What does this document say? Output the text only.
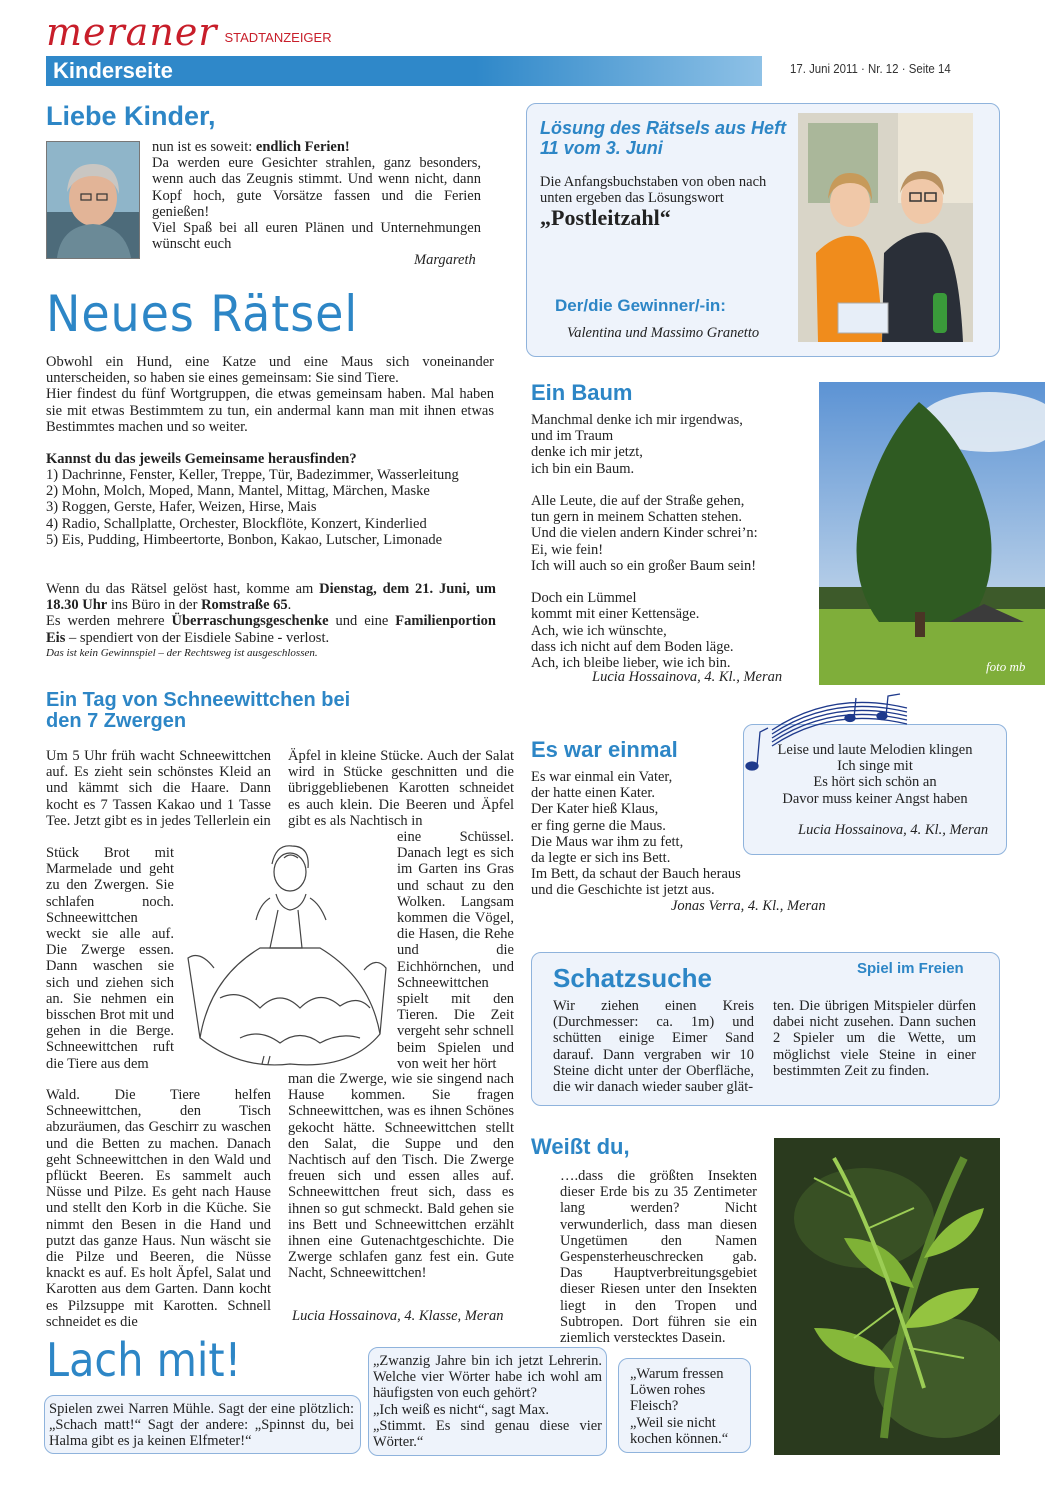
meraner STADTANZEIGER
Kinderseite	17. Juni 2011 · Nr. 12 · Seite 14
Liebe Kinder,
nun ist es soweit: endlich Ferien!
Da werden eure Gesichter strahlen, ganz besonders, wenn auch das Zeugnis stimmt. Und wenn nicht, dann Kopf hoch, gute Vorsätze fassen und die Ferien genießen!
Viel Spaß bei all euren Plänen und Unternehmungen wünscht euch
Margareth
Lösung des Rätsels aus Heft 11 vom 3. Juni
Die Anfangsbuchstaben von oben nach unten ergeben das Lösungswort
„Postleitzahl“
Der/die Gewinner/-in:
Valentina und Massimo Granetto
Neues Rätsel
Obwohl ein Hund, eine Katze und eine Maus sich voneinander unterscheiden, so haben sie eines gemeinsam: Sie sind Tiere.
Hier findest du fünf Wortgruppen, die etwas gemeinsam haben. Mal haben sie mit etwas Bestimmtem zu tun, ein andermal kann man mit ihnen etwas Bestimmtes machen und so weiter.
Kannst du das jeweils Gemeinsame herausfinden?
1) Dachrinne, Fenster, Keller, Treppe, Tür, Badezimmer, Wasserleitung
2) Mohn, Molch, Moped, Mann, Mantel, Mittag, Märchen, Maske
3) Roggen, Gerste, Hafer, Weizen, Hirse, Mais
4) Radio, Schallplatte, Orchester, Blockflöte, Konzert, Kinderlied
5) Eis, Pudding, Himbeertorte, Bonbon, Kakao, Lutscher, Limonade
Wenn du das Rätsel gelöst hast, komme am Dienstag, dem 21. Juni, um 18.30 Uhr ins Büro in der Romstraße 65.
Es werden mehrere Überraschungsgeschenke und eine Familienportion Eis – spendiert von der Eisdiele Sabine - verlost.
Das ist kein Gewinnspiel – der Rechtsweg ist ausgeschlossen.
Ein Baum
Manchmal denke ich mir irgendwas,
und im Traum
denke ich mir jetzt,
ich bin ein Baum.

Alle Leute, die auf der Straße gehen,
tun gern in meinem Schatten stehen.
Und die vielen andern Kinder schrei’n:
Ei, wie fein!
Ich will auch so ein großer Baum sein!

Doch ein Lümmel
kommt mit einer Kettensäge.
Ach, wie ich wünschte,
dass ich nicht auf dem Boden läge.
Ach, ich bleibe lieber, wie ich bin.
Lucia Hossainova, 4. Kl., Meran
foto mb
Ein Tag von Schneewittchen bei den 7 Zwergen
Um 5 Uhr früh wacht Schneewittchen auf. Es zieht sein schönstes Kleid an und kämmt sich die Haare. Dann kocht es 7 Tassen Kakao und 1 Tasse Tee. Jetzt gibt es in jedes Tellerlein ein
Stück Brot mit Marmelade und geht zu den Zwergen. Sie schlafen noch. Schneewittchen weckt sie alle auf. Die Zwerge essen. Dann waschen sie sich und ziehen sich an. Sie nehmen ein bisschen Brot mit und gehen in die Berge. Schneewittchen ruft die Tiere aus dem
Wald. Die Tiere helfen Schneewittchen, den Tisch abzuräumen, das Geschirr zu waschen und die Betten zu machen. Danach geht Schneewittchen in den Wald und pflückt Beeren. Es sammelt auch Nüsse und Pilze. Es geht nach Hause und stellt den Korb in die Küche. Sie nimmt den Besen in die Hand und putzt das ganze Haus. Nun wäscht sie die Pilze und Beeren, die Nüsse knackt es auf. Es holt Äpfel, Salat und Karotten aus dem Garten. Dann kocht es Pilzsuppe mit Karotten. Schnell schneidet es die
Äpfel in kleine Stücke. Auch der Salat wird in Stücke geschnitten und die übriggebliebenen Karotten schneidet es auch klein. Die Beeren und Äpfel gibt es als Nachtisch in
eine Schüssel. Danach legt es sich im Garten ins Gras und schaut zu den Wolken. Langsam kommen die Vögel, die Hasen, die Rehe und die Eichhörnchen, und Schneewittchen spielt mit den Tieren. Die Zeit vergeht sehr schnell beim Spielen und von weit her hört
man die Zwerge, wie sie singend nach Hause kommen. Sie fragen Schneewittchen, was es ihnen Schönes gekocht hätte. Schneewittchen stellt den Salat, die Suppe und den Nachtisch auf den Tisch. Die Zwerge freuen sich und essen alles auf. Schneewittchen freut sich, dass es ihnen so gut schmeckt. Bald gehen sie ins Bett und Schneewittchen erzählt ihnen eine Gutenachtgeschichte. Die Zwerge schlafen ganz fest ein. Gute Nacht, Schneewittchen!
Lucia Hossainova, 4. Klasse, Meran
Leise und laute Melodien klingen
Ich singe mit
Es hört sich schön an
Davor muss keiner Angst haben
Lucia Hossainova, 4. Kl., Meran
Es war einmal
Es war einmal ein Vater,
der hatte einen Kater.
Der Kater hieß Klaus,
er fing gerne die Maus.
Die Maus war ihm zu fett,
da legte er sich ins Bett.
Im Bett, da schaut der Bauch heraus
und die Geschichte ist jetzt aus.
Jonas Verra, 4. Kl., Meran
Schatzsuche	Spiel im Freien
Wir ziehen einen Kreis (Durchmesser: ca. 1m) und schütten einige Eimer Sand darauf. Dann vergraben wir 10 Steine dicht unter der Oberfläche, die wir danach wieder sauber glät-
ten. Die übrigen Mitspieler dürfen dabei nicht zusehen. Dann suchen 2 Spieler um die Wette, um möglichst viele Steine in einer bestimmten Zeit zu finden.
Weißt du,
….dass die größten Insekten dieser Erde bis zu 35 Zentimeter lang werden? Nicht verwunderlich, dass man diesen Ungetümen den Namen Gespensterheuschrecken gab. Das Hauptverbreitungsgebiet dieser Riesen unter den Insekten liegt in den Tropen und Subtropen. Dort führen sie ein ziemlich verstecktes Dasein.
Lach mit!
Spielen zwei Narren Mühle. Sagt der eine plötzlich: „Schach matt!“ Sagt der andere: „Spinnst du, bei Halma gibt es ja keinen Elfmeter!“
„Zwanzig Jahre bin ich jetzt Lehrerin. Welche vier Wörter habe ich wohl am häufigsten von euch gehört?
„Ich weiß es nicht“, sagt Max.
„Stimmt. Es sind genau diese vier Wörter.“
„Warum fressen Löwen rohes Fleisch?
„Weil sie nicht kochen können.“
